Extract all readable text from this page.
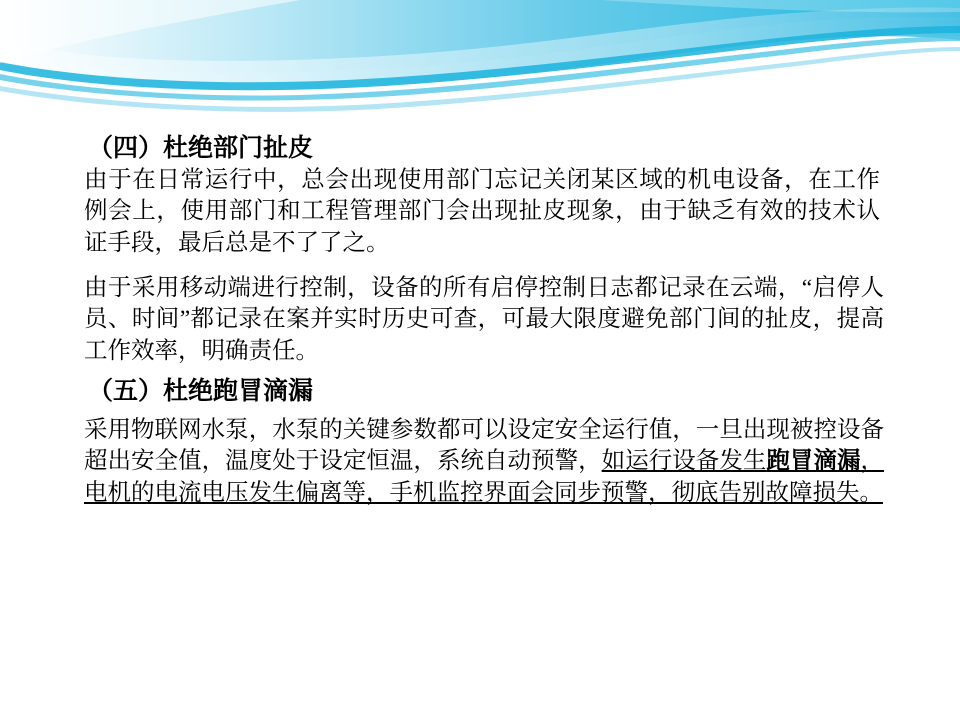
（四）杜绝部门扯皮
由于在日常运行中，总会出现使用部门忘记关闭某区域的机电设备，在工作例会上，使用部门和工程管理部门会出现扯皮现象，由于缺乏有效的技术认证手段，最后总是不了了之。
由于采用移动端进行控制，设备的所有启停控制日志都记录在云端，“启停人员、时间”都记录在案并实时历史可查，可最大限度避免部门间的扯皮，提高工作效率，明确责任。
（五）杜绝跑冒滴漏
采用物联网水泵，水泵的关键参数都可以设定安全运行值，一旦出现被控设备超出安全值，温度处于设定恒温，系统自动预警，如运行设备发生跑冒滴漏，电机的电流电压发生偏离等，手机监控界面会同步预警，彻底告别故障损失。
